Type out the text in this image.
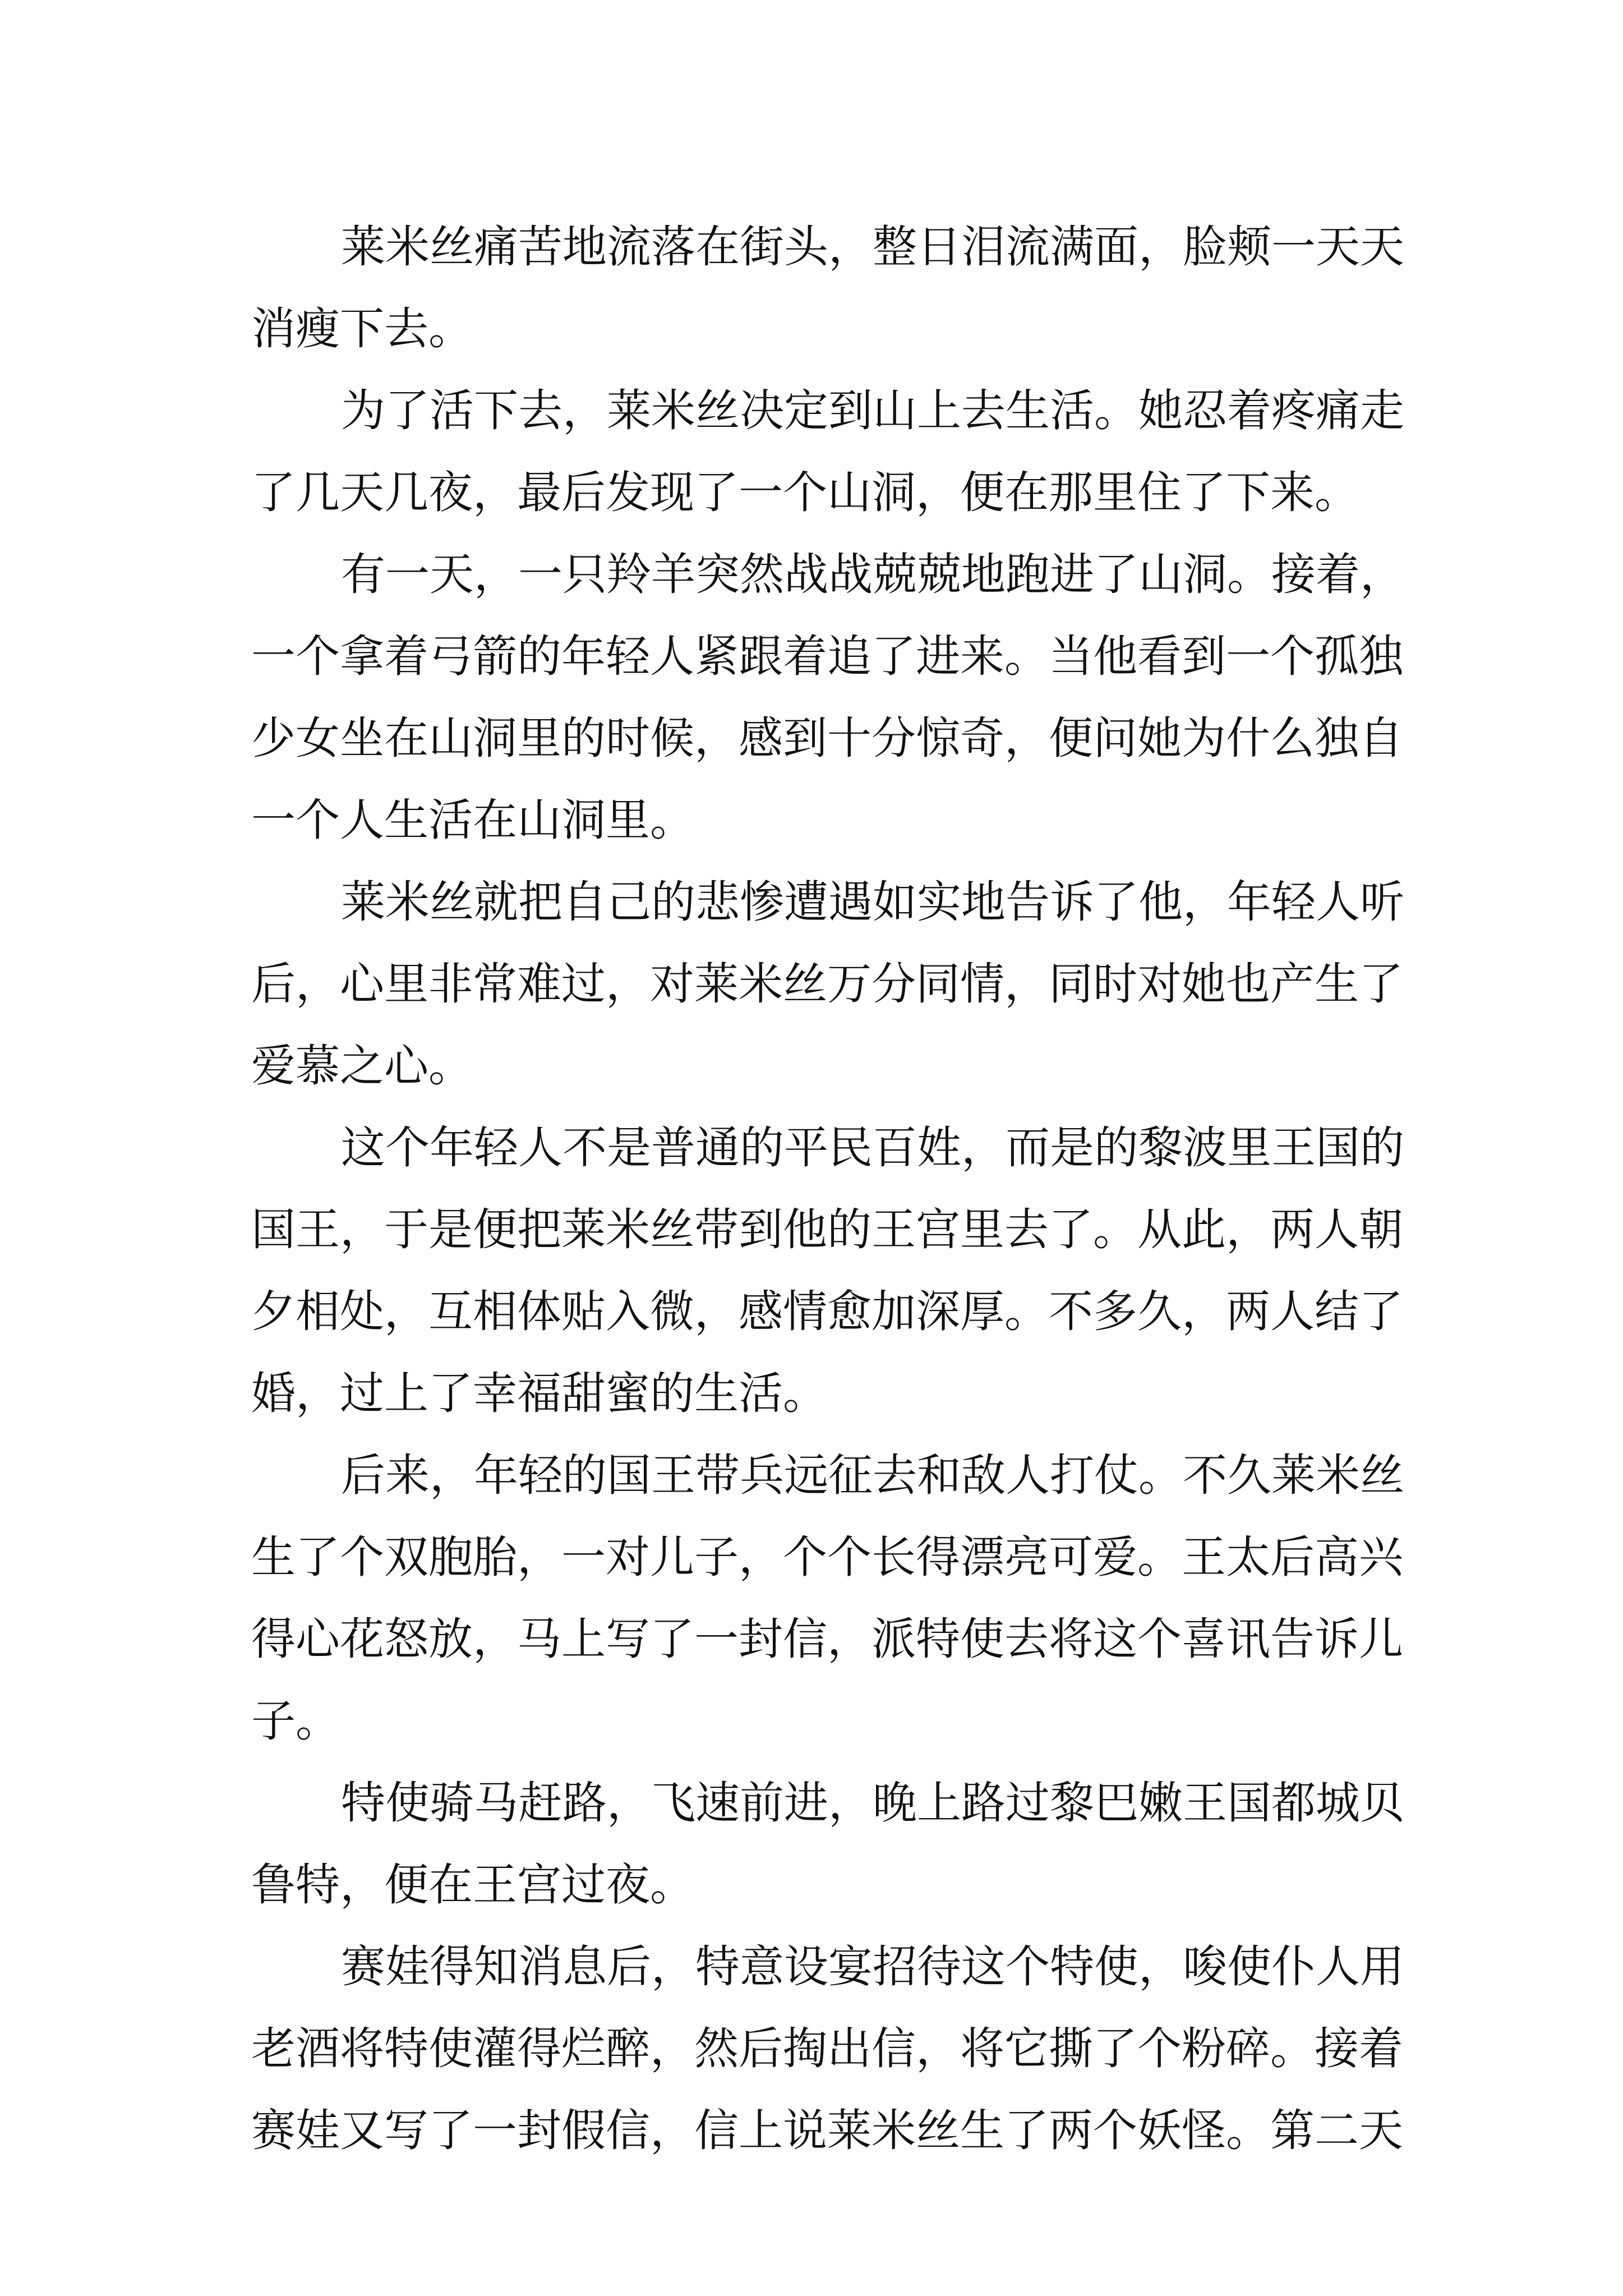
莱米丝痛苦地流落在街头，整日泪流满面，脸颊一天天
消瘦下去。

为了活下去，莱米丝决定到山上去生活。她忍着疼痛走
了几天几夜，最后发现了一个山洞，便在那里住了下来。

有一天，一只羚羊突然战战兢兢地跑进了山洞。接着，
一个拿着弓箭的年轻人紧跟着追了进来。当他看到一个孤独
少女坐在山洞里的时候，感到十分惊奇，便问她为什么独自
一个人生活在山洞里。

莱米丝就把自己的悲惨遭遇如实地告诉了他，年轻人听
后，心里非常难过，对莱米丝万分同情，同时对她也产生了
爱慕之心。

这个年轻人不是普通的平民百姓，而是的黎波里王国的
国王，于是便把莱米丝带到他的王宫里去了。从此，两人朝
夕相处，互相体贴入微，感情愈加深厚。不多久，两人结了
婚，过上了幸福甜蜜的生活。

后来，年轻的国王带兵远征去和敌人打仗。不久莱米丝
生了个双胞胎，一对儿子，个个长得漂亮可爱。王太后高兴
得心花怒放，马上写了一封信，派特使去将这个喜讯告诉儿
子。

特使骑马赶路，飞速前进，晚上路过黎巴嫩王国都城贝
鲁特，便在王宫过夜。

赛娃得知消息后，特意设宴招待这个特使，唆使仆人用
老酒将特使灌得烂醉，然后掏出信，将它撕了个粉碎。接着
赛娃又写了一封假信，信上说莱米丝生了两个妖怪。第二天
